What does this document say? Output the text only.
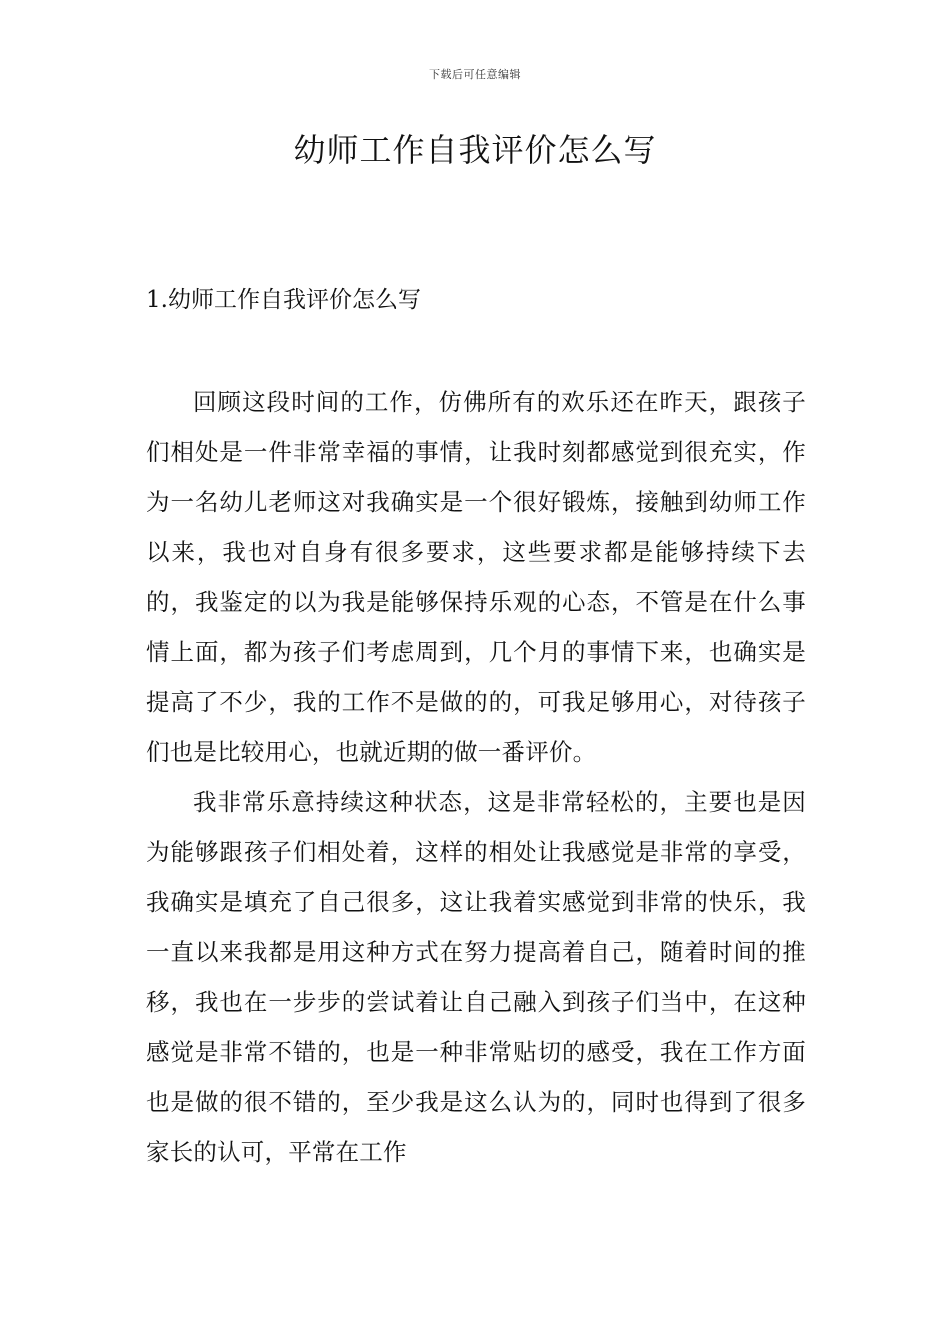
下载后可任意编辑
幼师工作自我评价怎么写
1.幼师工作自我评价怎么写

回顾这段时间的工作，仿佛所有的欢乐还在昨天，跟孩子们相处是一件非常幸福的事情，让我时刻都感觉到很充实，作为一名幼儿老师这对我确实是一个很好锻炼，接触到幼师工作以来，我也对自身有很多要求，这些要求都是能够持续下去的，我鉴定的以为我是能够保持乐观的心态，不管是在什么事情上面，都为孩子们考虑周到，几个月的事情下来，也确实是提高了不少，我的工作不是做的的，可我足够用心，对待孩子们也是比较用心，也就近期的做一番评价。

我非常乐意持续这种状态，这是非常轻松的，主要也是因为能够跟孩子们相处着，这样的相处让我感觉是非常的享受，我确实是填充了自己很多，这让我着实感觉到非常的快乐，我一直以来我都是用这种方式在努力提高着自己，随着时间的推移，我也在一步步的尝试着让自己融入到孩子们当中，在这种感觉是非常不错的，也是一种非常贴切的感受，我在工作方面也是做的很不错的，至少我是这么认为的，同时也得到了很多家长的认可，平常在工作
